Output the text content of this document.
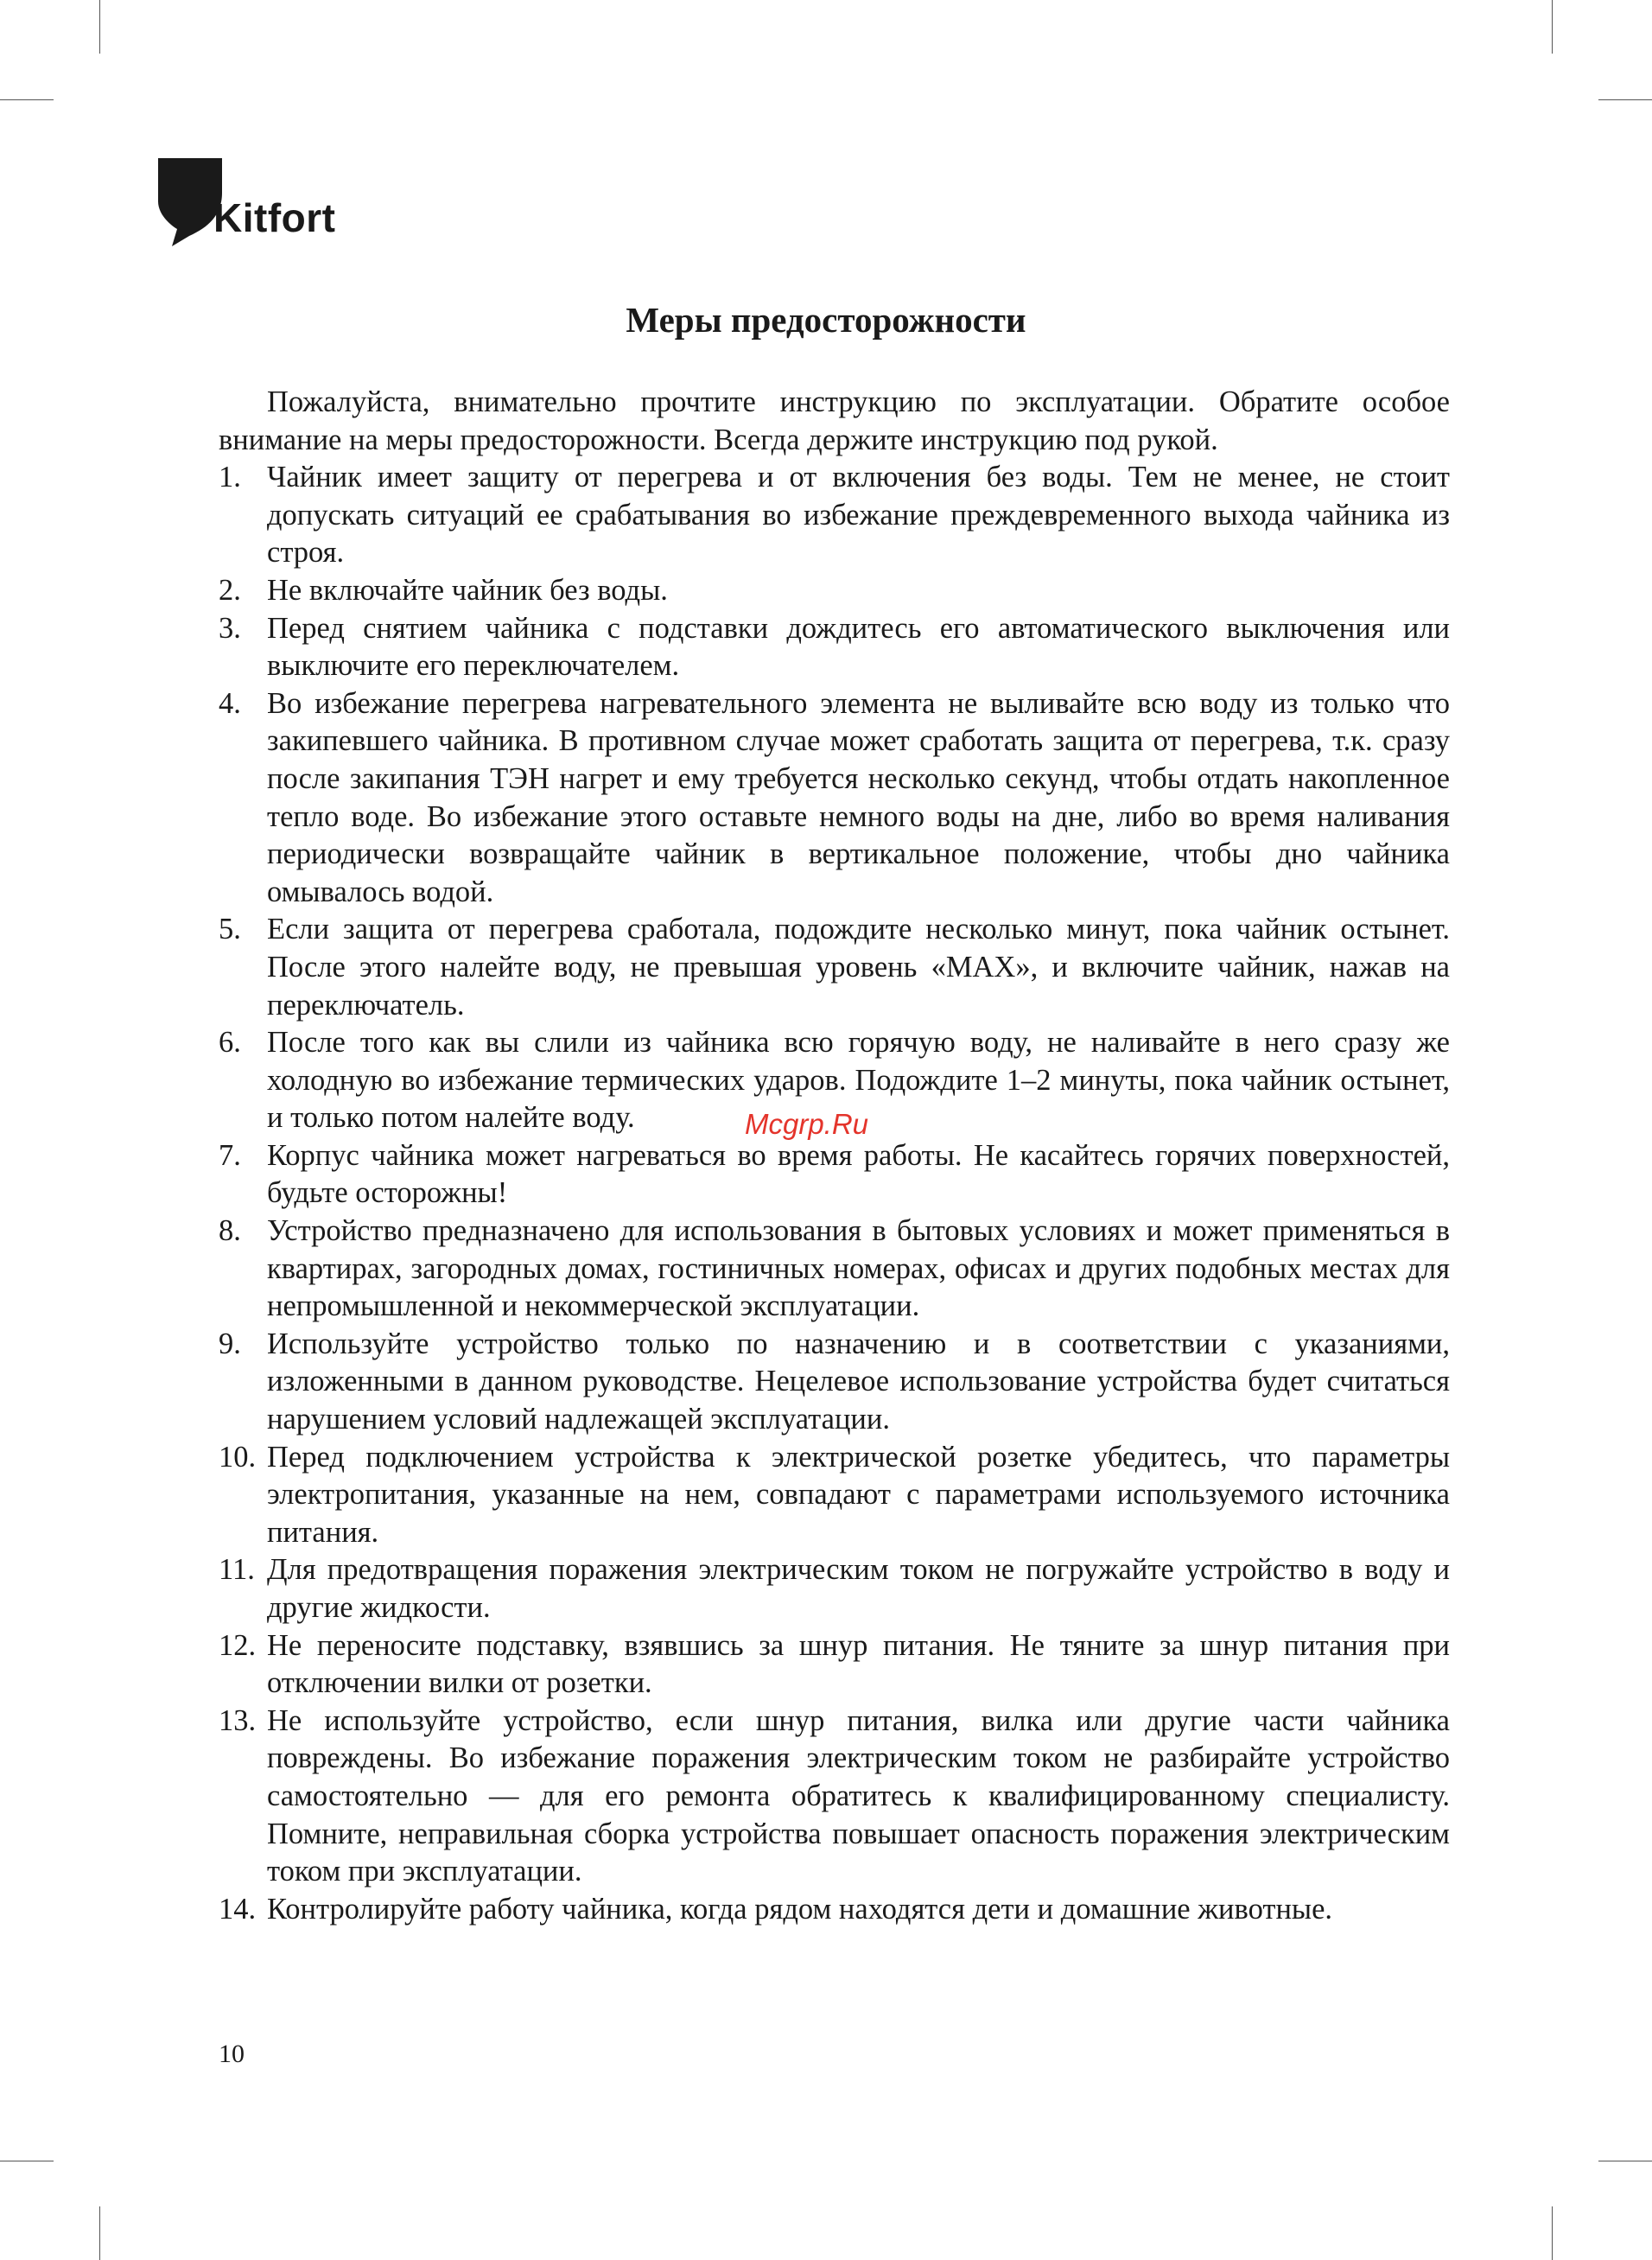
Kitfort
Меры предосторожности

Пожалуйста, внимательно прочтите инструкцию по эксплуатации. Обратите особое внимание на меры предосторожности. Всегда держите инструкцию под рукой.

1. Чайник имеет защиту от перегрева и от включения без воды. Тем не менее, не стоит допускать ситуаций ее срабатывания во избежание преждевременного выхода чайника из строя.
2. Не включайте чайник без воды.
3. Перед снятием чайника с подставки дождитесь его автоматического выключения или выключите его переключателем.
4. Во избежание перегрева нагревательного элемента не выливайте всю воду из только что закипевшего чайника. В противном случае может сработать защита от перегрева, т.к. сразу после закипания ТЭН нагрет и ему требуется несколько секунд, чтобы отдать накопленное тепло воде. Во избежание этого оставьте немного воды на дне, либо во время наливания периодически возвращайте чайник в вертикальное положение, чтобы дно чайника омывалось водой.
5. Если защита от перегрева сработала, подождите несколько минут, пока чайник остынет. После этого налейте воду, не превышая уровень «MAX», и включите чайник, нажав на переключатель.
6. После того как вы слили из чайника всю горячую воду, не наливайте в него сразу же холодную во избежание термических ударов. Подождите 1–2 минуты, пока чайник остынет, и только потом налейте воду.
7. Корпус чайника может нагреваться во время работы. Не касайтесь горячих поверхностей, будьте осторожны!
8. Устройство предназначено для использования в бытовых условиях и может применяться в квартирах, загородных домах, гостиничных номерах, офисах и других подобных местах для непромышленной и некоммерческой эксплуатации.
9. Используйте устройство только по назначению и в соответствии с указаниями, изложенными в данном руководстве. Нецелевое использование устройства будет считаться нарушением условий надлежащей эксплуатации.
10. Перед подключением устройства к электрической розетке убедитесь, что параметры электропитания, указанные на нем, совпадают с параметрами используемого источника питания.
11. Для предотвращения поражения электрическим током не погружайте устройство в воду и другие жидкости.
12. Не переносите подставку, взявшись за шнур питания. Не тяните за шнур питания при отключении вилки от розетки.
13. Не используйте устройство, если шнур питания, вилка или другие части чайника повреждены. Во избежание поражения электрическим током не разбирайте устройство самостоятельно — для его ремонта обратитесь к квалифицированному специалисту. Помните, неправильная сборка устройства повышает опасность поражения электрическим током при эксплуатации.
14. Контролируйте работу чайника, когда рядом находятся дети и домашние животные.
Mcgrp.Ru
10
